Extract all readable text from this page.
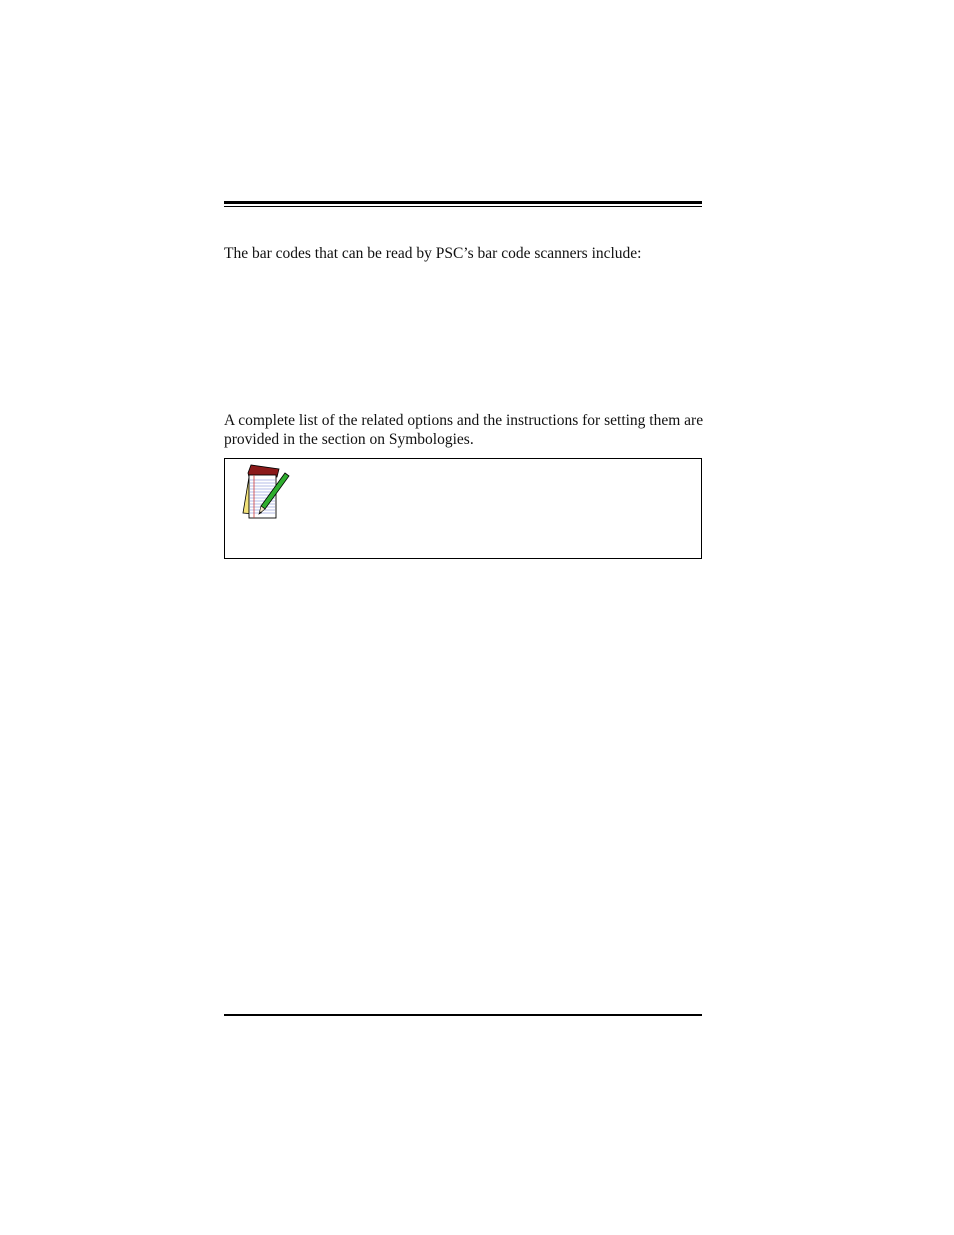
The bar codes that can be read by PSC’s bar code scanners include:

A complete list of the related options and the instructions for setting them are provided in the section on Symbologies.
